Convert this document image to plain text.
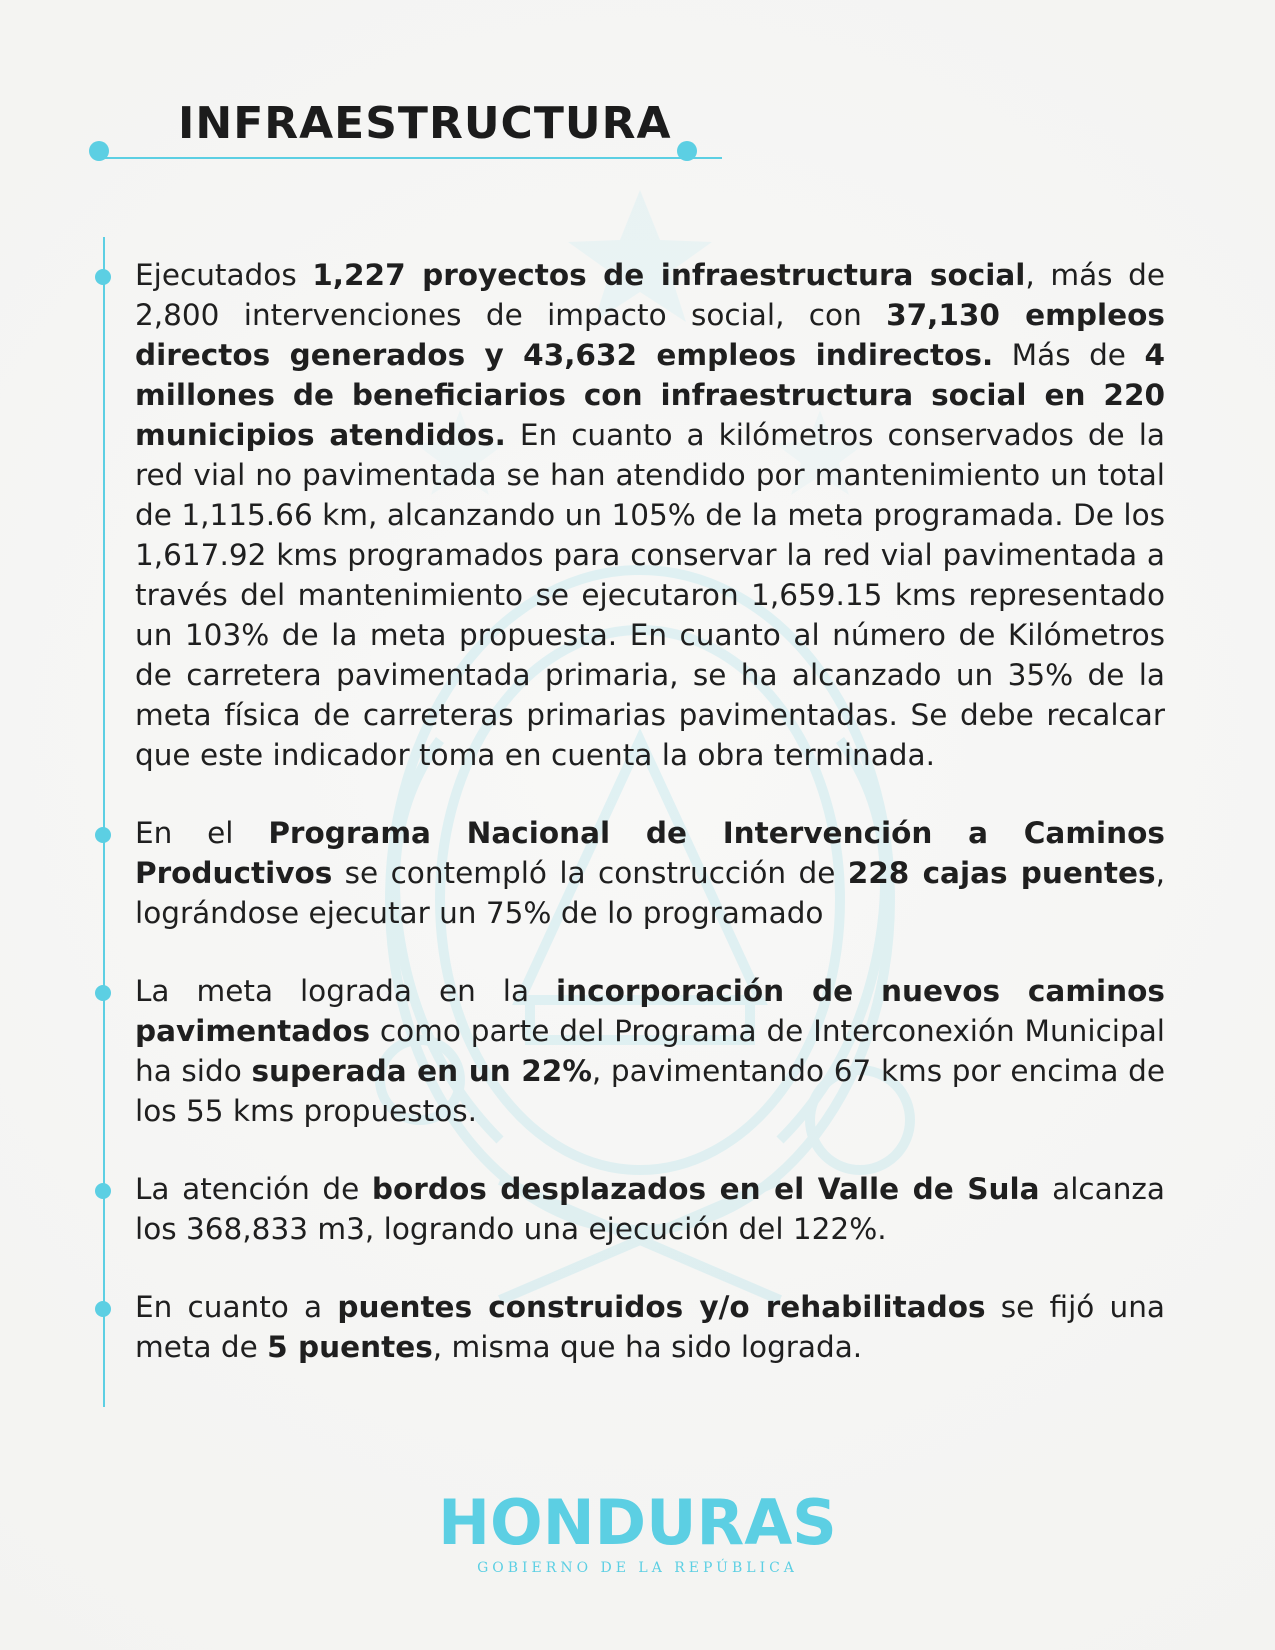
INFRAESTRUCTURA

Ejecutados 1,227 proyectos de infraestructura social, más de 2,800 intervenciones de impacto social, con 37,130 empleos directos generados y 43,632 empleos indirectos. Más de 4 millones de beneficiarios con infraestructura social en 220 municipios atendidos. En cuanto a kilómetros conservados de la red vial no pavimentada se han atendido por mantenimiento un total de 1,115.66 km, alcanzando un 105% de la meta programada. De los 1,617.92 kms programados para conservar la red vial pavimentada a través del mantenimiento se ejecutaron 1,659.15 kms representado un 103% de la meta propuesta. En cuanto al número de Kilómetros de carretera pavimentada primaria, se ha alcanzado un 35% de la meta física de carreteras primarias pavimentadas. Se debe recalcar que este indicador toma en cuenta la obra terminada.

En el Programa Nacional de Intervención a Caminos Productivos se contempló la construcción de 228 cajas puentes, lográndose ejecutar un 75% de lo programado

La meta lograda en la incorporación de nuevos caminos pavimentados como parte del Programa de Interconexión Municipal ha sido superada en un 22%, pavimentando 67 kms por encima de los 55 kms propuestos.

La atención de bordos desplazados en el Valle de Sula alcanza los 368,833 m3, logrando una ejecución del 122%.

En cuanto a puentes construidos y/o rehabilitados se fijó una meta de 5 puentes, misma que ha sido lograda.

HONDURAS
GOBIERNO DE LA REPÚBLICA
